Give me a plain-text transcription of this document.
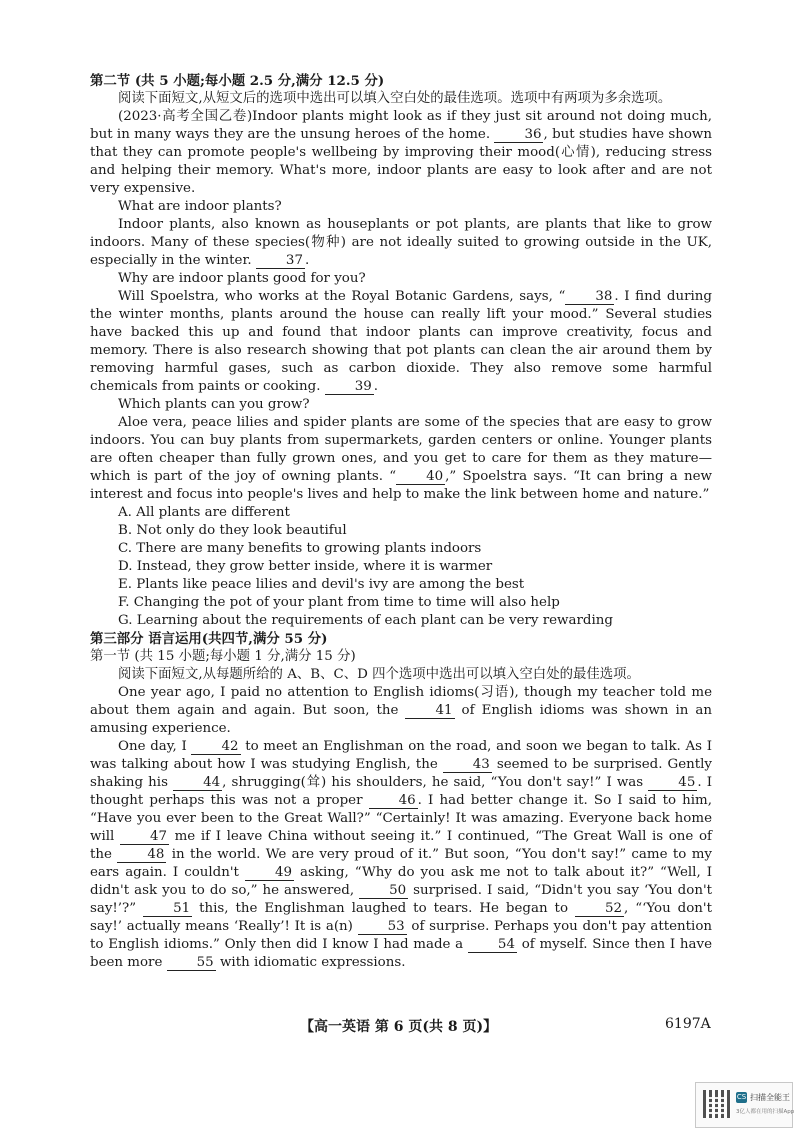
第二节 (共 5 小题;每小题 2.5 分,满分 12.5 分)

阅读下面短文,从短文后的选项中选出可以填入空白处的最佳选项。选项中有两项为多余选项。

(2023·高考全国乙卷)Indoor plants might look as if they just sit around not doing much, but in many ways they are the unsung heroes of the home.	36 , but studies have shown that they can promote people's wellbeing by improving their mood(心情), reducing stress and helping their memory. What's more, indoor plants are easy to look after and are not very expensive.

What are indoor plants?

Indoor plants, also known as houseplants or pot plants, are plants that like to grow indoors. Many of these species(物种) are not ideally suited to growing outside in the UK, especially in the winter.	37 .

Why are indoor plants good for you?

Will Spoelstra, who works at the Royal Botanic Gardens, says, “ 38 . I find during the winter months, plants around the house can really lift your mood.” Several studies have backed this up and found that indoor plants can improve creativity, focus and memory. There is also research showing that pot plants can clean the air around them by removing harmful gases, such as carbon dioxide. They also remove some harmful chemicals from paints or cooking.	39 .

Which plants can you grow?

Aloe vera, peace lilies and spider plants are some of the species that are easy to grow indoors. You can buy plants from supermarkets, garden centers or online. Younger plants are often cheaper than fully grown ones, and you get to care for them as they mature— which is part of the joy of owning plants. “ 40 ,” Spoelstra says. “It can bring a new interest and focus into people's lives and help to make the link between home and nature.”

A. All plants are different

B. Not only do they look beautiful

C. There are many benefits to growing plants indoors

D. Instead, they grow better inside, where it is warmer

E. Plants like peace lilies and devil's ivy are among the best

F. Changing the pot of your plant from time to time will also help

G. Learning about the requirements of each plant can be very rewarding

第三部分 语言运用(共四节,满分 55 分)

第一节 (共 15 小题;每小题 1 分,满分 15 分)

阅读下面短文,从每题所给的 A、B、C、D 四个选项中选出可以填入空白处的最佳选项。

One year ago, I paid no attention to English idioms(习语), though my teacher told me about them again and again. But soon, the	41 of English idioms was shown in an amusing experience.

One day, I	42 to meet an Englishman on the road, and soon we began to talk. As I was talking about how I was studying English, the	43 seemed to be surprised. Gently shaking his	44 , shrugging(耸) his shoulders, he said, “You don't say!” I was	45 . I thought perhaps this was not a proper	46 . I had better change it. So I said to him, “Have you ever been to the Great Wall?” “Certainly! It was amazing. Everyone back home will	47 me if I leave China without seeing it.” I continued, “The Great Wall is one of the	48 in the world. We are very proud of it.” But soon, “You don't say!” came to my ears again. I couldn't	49 asking, “Why do you ask me not to talk about it?” “Well, I didn't ask you to do so,” he answered,	50 surprised. I said, “Didn't you say ‘You don't say!’?”	51 this, the Englishman laughed to tears. He began to	52 , “‘You don't say!’ actually means ‘Really’! It is a(n)	53 of surprise. Perhaps you don't pay attention to English idioms.” Only then did I know I had made a	54 of myself. Since then I have been more	55 with idiomatic expressions.

【高一英语 第 6 页(共 8 页)】	6197A
CS 扫描全能王
3亿人都在用的扫描App
